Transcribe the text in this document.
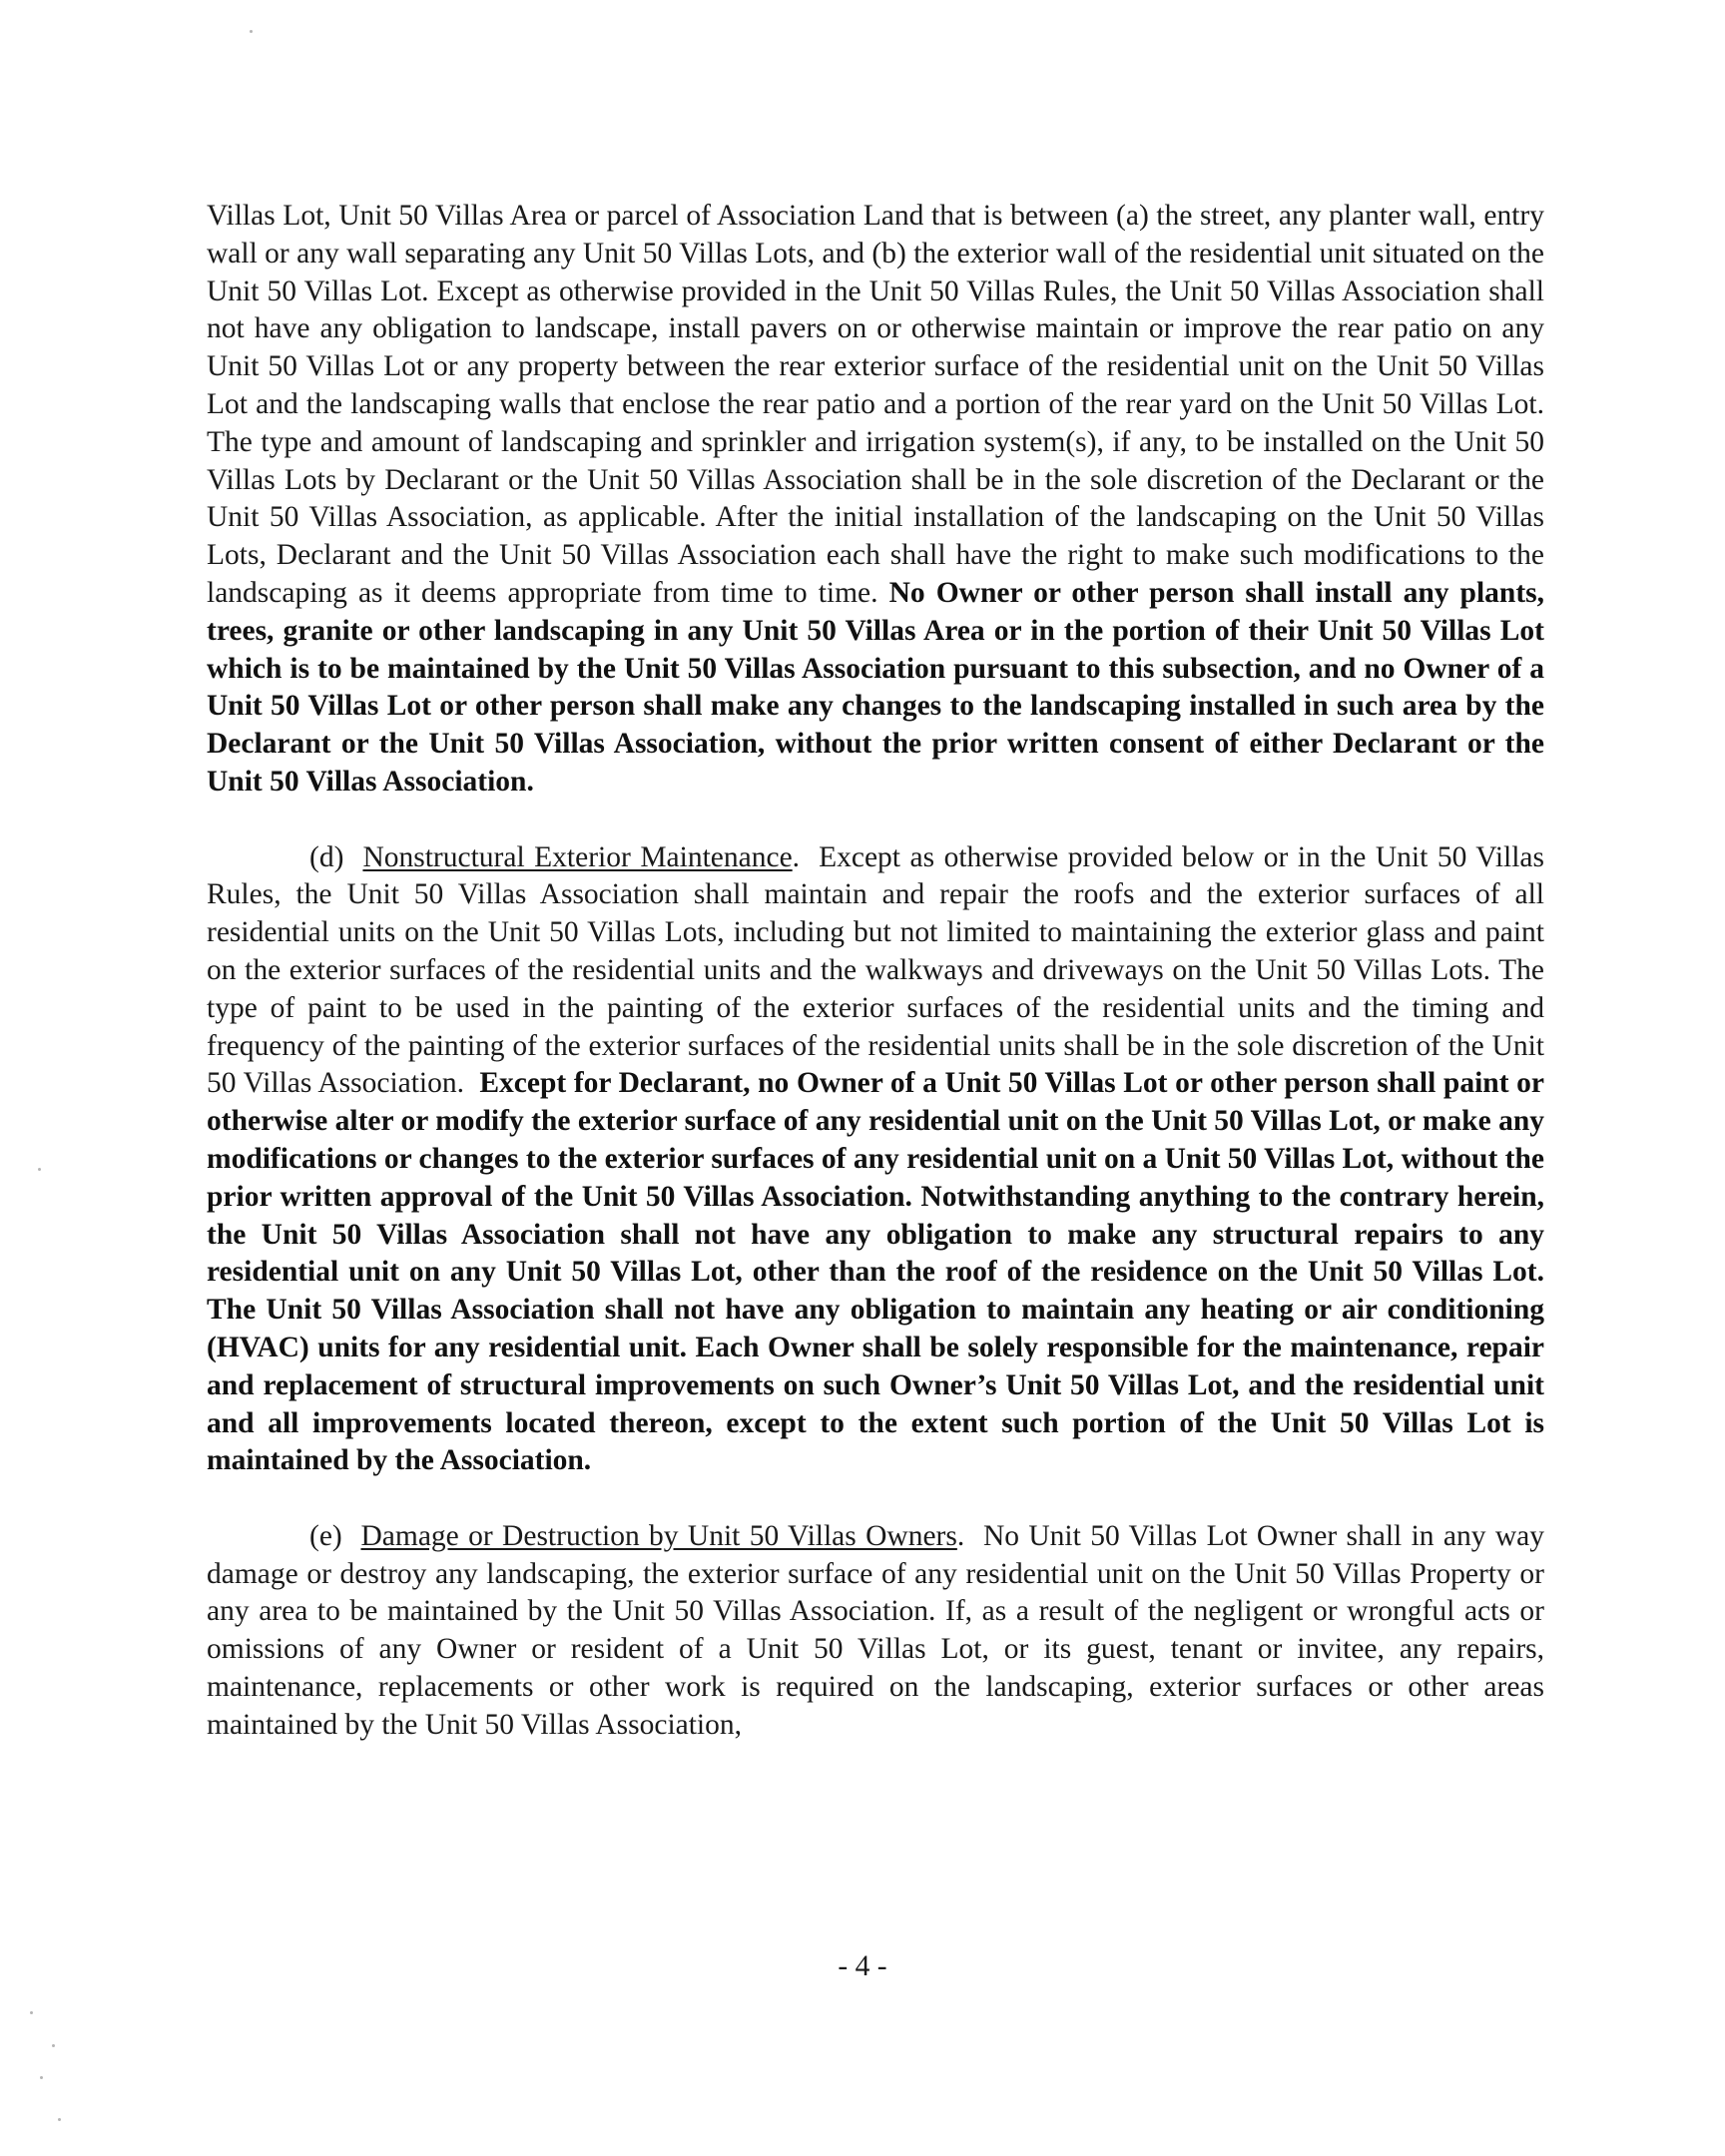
Villas Lot, Unit 50 Villas Area or parcel of Association Land that is between (a) the street, any planter wall, entry wall or any wall separating any Unit 50 Villas Lots, and (b) the exterior wall of the residential unit situated on the Unit 50 Villas Lot. Except as otherwise provided in the Unit 50 Villas Rules, the Unit 50 Villas Association shall not have any obligation to landscape, install pavers on or otherwise maintain or improve the rear patio on any Unit 50 Villas Lot or any property between the rear exterior surface of the residential unit on the Unit 50 Villas Lot and the landscaping walls that enclose the rear patio and a portion of the rear yard on the Unit 50 Villas Lot. The type and amount of landscaping and sprinkler and irrigation system(s), if any, to be installed on the Unit 50 Villas Lots by Declarant or the Unit 50 Villas Association shall be in the sole discretion of the Declarant or the Unit 50 Villas Association, as applicable. After the initial installation of the landscaping on the Unit 50 Villas Lots, Declarant and the Unit 50 Villas Association each shall have the right to make such modifications to the landscaping as it deems appropriate from time to time. No Owner or other person shall install any plants, trees, granite or other landscaping in any Unit 50 Villas Area or in the portion of their Unit 50 Villas Lot which is to be maintained by the Unit 50 Villas Association pursuant to this subsection, and no Owner of a Unit 50 Villas Lot or other person shall make any changes to the landscaping installed in such area by the Declarant or the Unit 50 Villas Association, without the prior written consent of either Declarant or the Unit 50 Villas Association.

(d) Nonstructural Exterior Maintenance.  Except as otherwise provided below or in the Unit 50 Villas Rules, the Unit 50 Villas Association shall maintain and repair the roofs and the exterior surfaces of all residential units on the Unit 50 Villas Lots, including but not limited to maintaining the exterior glass and paint on the exterior surfaces of the residential units and the walkways and driveways on the Unit 50 Villas Lots. The type of paint to be used in the painting of the exterior surfaces of the residential units and the timing and frequency of the painting of the exterior surfaces of the residential units shall be in the sole discretion of the Unit 50 Villas Association. Except for Declarant, no Owner of a Unit 50 Villas Lot or other person shall paint or otherwise alter or modify the exterior surface of any residential unit on the Unit 50 Villas Lot, or make any modifications or changes to the exterior surfaces of any residential unit on a Unit 50 Villas Lot, without the prior written approval of the Unit 50 Villas Association. Notwithstanding anything to the contrary herein, the Unit 50 Villas Association shall not have any obligation to make any structural repairs to any residential unit on any Unit 50 Villas Lot, other than the roof of the residence on the Unit 50 Villas Lot. The Unit 50 Villas Association shall not have any obligation to maintain any heating or air conditioning (HVAC) units for any residential unit. Each Owner shall be solely responsible for the maintenance, repair and replacement of structural improvements on such Owner’s Unit 50 Villas Lot, and the residential unit and all improvements located thereon, except to the extent such portion of the Unit 50 Villas Lot is maintained by the Association.

(e) Damage or Destruction by Unit 50 Villas Owners.  No Unit 50 Villas Lot Owner shall in any way damage or destroy any landscaping, the exterior surface of any residential unit on the Unit 50 Villas Property or any area to be maintained by the Unit 50 Villas Association. If, as a result of the negligent or wrongful acts or omissions of any Owner or resident of a Unit 50 Villas Lot, or its guest, tenant or invitee, any repairs, maintenance, replacements or other work is required on the landscaping, exterior surfaces or other areas maintained by the Unit 50 Villas Association,

- 4 -
